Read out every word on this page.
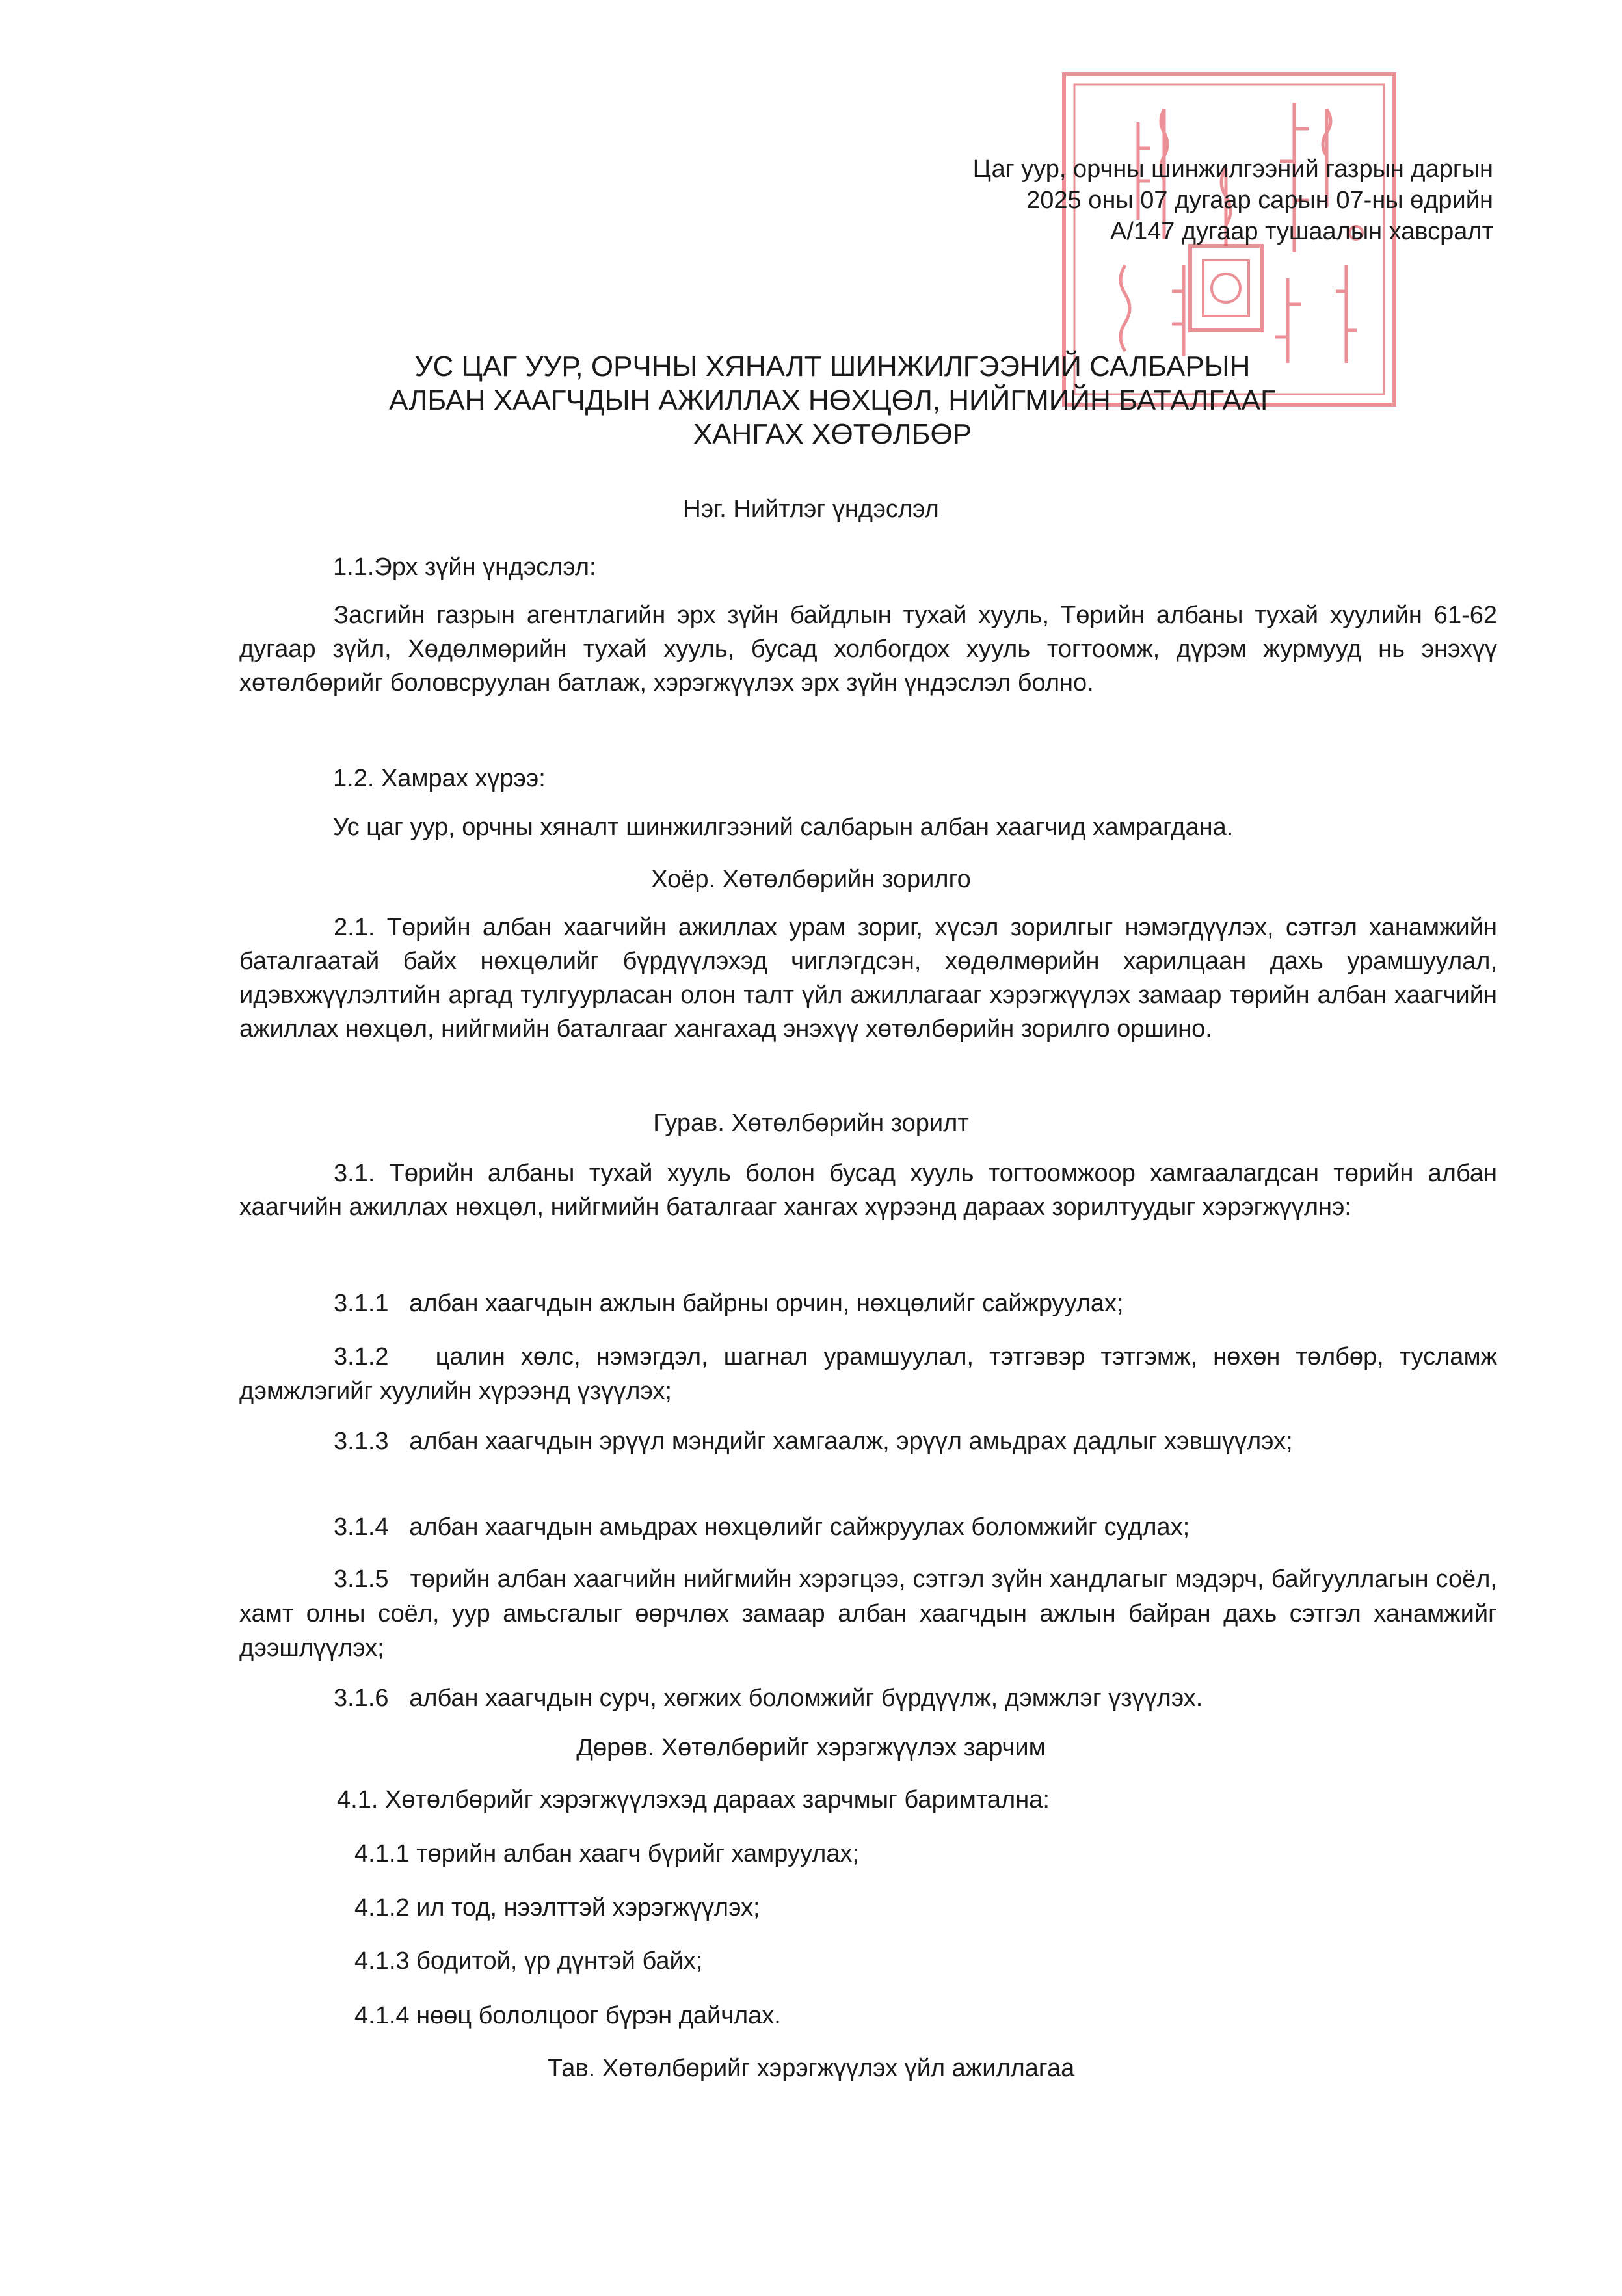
Цаг уур, орчны шинжилгээний газрын даргын
2025 оны 07 дугаар сарын 07-ны өдрийн
А/147 дугаар тушаалын хавсралт
УС ЦАГ УУР, ОРЧНЫ ХЯНАЛТ ШИНЖИЛГЭЭНИЙ САЛБАРЫН
АЛБАН ХААГЧДЫН АЖИЛЛАХ НӨХЦӨЛ, НИЙГМИЙН БАТАЛГААГ
ХАНГАХ ХӨТӨЛБӨР
Нэг. Нийтлэг үндэслэл
1.1.Эрх зүйн үндэслэл:
Засгийн газрын агентлагийн эрх зүйн байдлын тухай хууль, Төрийн албаны тухай хуулийн 61-62 дугаар зүйл, Хөдөлмөрийн тухай хууль, бусад холбогдох хууль тогтоомж, дүрэм журмууд нь энэхүү хөтөлбөрийг боловсруулан батлаж, хэрэгжүүлэх эрх зүйн үндэслэл болно.
1.2. Хамрах хүрээ:
Ус цаг уур, орчны хяналт шинжилгээний салбарын албан хаагчид хамрагдана.
Хоёр. Хөтөлбөрийн зорилго
2.1. Төрийн албан хаагчийн ажиллах урам зориг, хүсэл зорилгыг нэмэгдүүлэх, сэтгэл ханамжийн баталгаатай байх нөхцөлийг бүрдүүлэхэд чиглэгдсэн, хөдөлмөрийн харилцаан дахь урамшуулал, идэвхжүүлэлтийн аргад тулгуурласан олон талт үйл ажиллагааг хэрэгжүүлэх замаар төрийн албан хаагчийн ажиллах нөхцөл, нийгмийн баталгааг хангахад энэхүү хөтөлбөрийн зорилго оршино.
Гурав. Хөтөлбөрийн зорилт
3.1. Төрийн албаны тухай хууль болон бусад хууль тогтоомжоор хамгаалагдсан төрийн албан хаагчийн ажиллах нөхцөл, нийгмийн баталгааг хангах хүрээнд дараах зорилтуудыг хэрэгжүүлнэ:
3.1.1 албан хаагчдын ажлын байрны орчин, нөхцөлийг сайжруулах;
3.1.2 цалин хөлс, нэмэгдэл, шагнал урамшуулал, тэтгэвэр тэтгэмж, нөхөн төлбөр, тусламж дэмжлэгийг хуулийн хүрээнд үзүүлэх;
3.1.3 албан хаагчдын эрүүл мэндийг хамгаалж, эрүүл амьдрах дадлыг хэвшүүлэх;
3.1.4 албан хаагчдын амьдрах нөхцөлийг сайжруулах боломжийг судлах;
3.1.5 төрийн албан хаагчийн нийгмийн хэрэгцээ, сэтгэл зүйн хандлагыг мэдэрч, байгууллагын соёл, хамт олны соёл, уур амьсгалыг өөрчлөх замаар албан хаагчдын ажлын байран дахь сэтгэл ханамжийг дээшлүүлэх;
3.1.6 албан хаагчдын сурч, хөгжих боломжийг бүрдүүлж, дэмжлэг үзүүлэх.
Дөрөв. Хөтөлбөрийг хэрэгжүүлэх зарчим
4.1. Хөтөлбөрийг хэрэгжүүлэхэд дараах зарчмыг баримтална:
4.1.1 төрийн албан хаагч бүрийг хамруулах;
4.1.2 ил тод, нээлттэй хэрэгжүүлэх;
4.1.3 бодитой, үр дүнтэй байх;
4.1.4 нөөц бололцоог бүрэн дайчлах.
Тав. Хөтөлбөрийг хэрэгжүүлэх үйл ажиллагаа
